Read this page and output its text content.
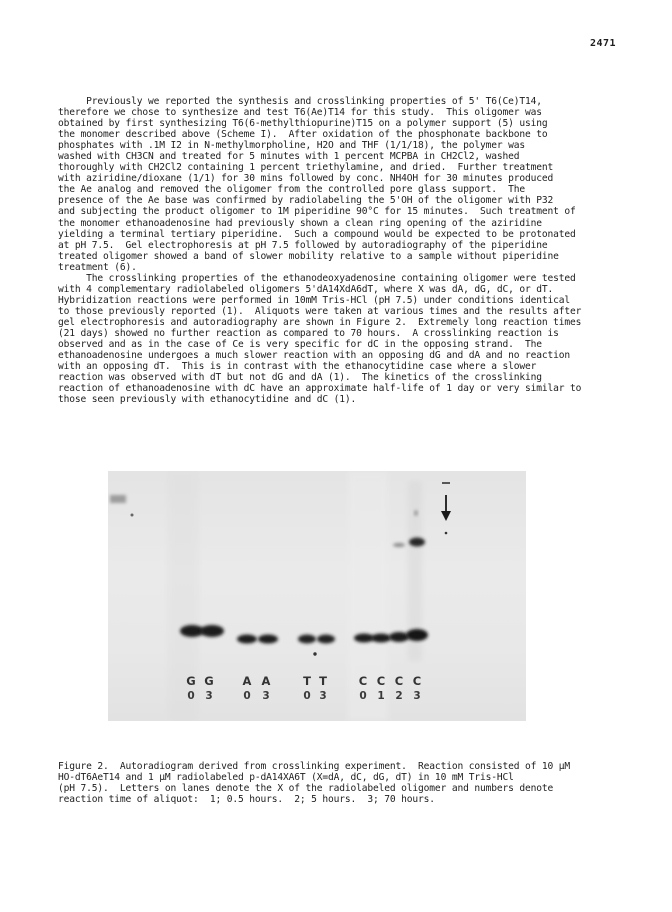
2471
Previously we reported the synthesis and crosslinking properties of 5' T6(Ce)T14,
therefore we chose to synthesize and test T6(Ae)T14 for this study.  This oligomer was
obtained by first synthesizing T6(6-methylthiopurine)T15 on a polymer support (5) using
the monomer described above (Scheme I).  After oxidation of the phosphonate backbone to
phosphates with .1M I2 in N-methylmorpholine, H2O and THF (1/1/18), the polymer was
washed with CH3CN and treated for 5 minutes with 1 percent MCPBA in CH2Cl2, washed
thoroughly with CH2Cl2 containing 1 percent triethylamine, and dried.  Further treatment
with aziridine/dioxane (1/1) for 30 mins followed by conc. NH4OH for 30 minutes produced
the Ae analog and removed the oligomer from the controlled pore glass support.  The
presence of the Ae base was confirmed by radiolabeling the 5'OH of the oligomer with P32
and subjecting the product oligomer to 1M piperidine 90°C for 15 minutes.  Such treatment of
the monomer ethanoadenosine had previously shown a clean ring opening of the aziridine
yielding a terminal tertiary piperidine.  Such a compound would be expected to be protonated
at pH 7.5.  Gel electrophoresis at pH 7.5 followed by autoradiography of the piperidine
treated oligomer showed a band of slower mobility relative to a sample without piperidine
treatment (6).
The crosslinking properties of the ethanodeoxyadenosine containing oligomer were tested
with 4 complementary radiolabeled oligomers 5'dA14XdA6dT, where X was dA, dG, dC, or dT.
Hybridization reactions were performed in 10mM Tris-HCl (pH 7.5) under conditions identical
to those previously reported (1).  Aliquots were taken at various times and the results after
gel electrophoresis and autoradiography are shown in Figure 2.  Extremely long reaction times
(21 days) showed no further reaction as compared to 70 hours.  A crosslinking reaction is
observed and as in the case of Ce is very specific for dC in the opposing strand.  The
ethanoadenosine undergoes a much slower reaction with an opposing dG and dA and no reaction
with an opposing dT.  This is in contrast with the ethanocytidine case where a slower
reaction was observed with dT but not dG and dA (1).  The kinetics of the crosslinking
reaction of ethanoadenosine with dC have an approximate half-life of 1 day or very similar to
those seen previously with ethanocytidine and dC (1).
G G	A A	T T	C C C C
0	3	0	3	0 3	0	1	2	3
Figure 2.  Autoradiogram derived from crosslinking experiment.  Reaction consisted of 10 µM
HO-dT6AeT14 and 1 µM radiolabeled p-dA14XA6T (X=dA, dC, dG, dT) in 10 mM Tris-HCl
(pH 7.5).  Letters on lanes denote the X of the radiolabeled oligomer and numbers denote
reaction time of aliquot:  1; 0.5 hours.  2; 5 hours.  3; 70 hours.
